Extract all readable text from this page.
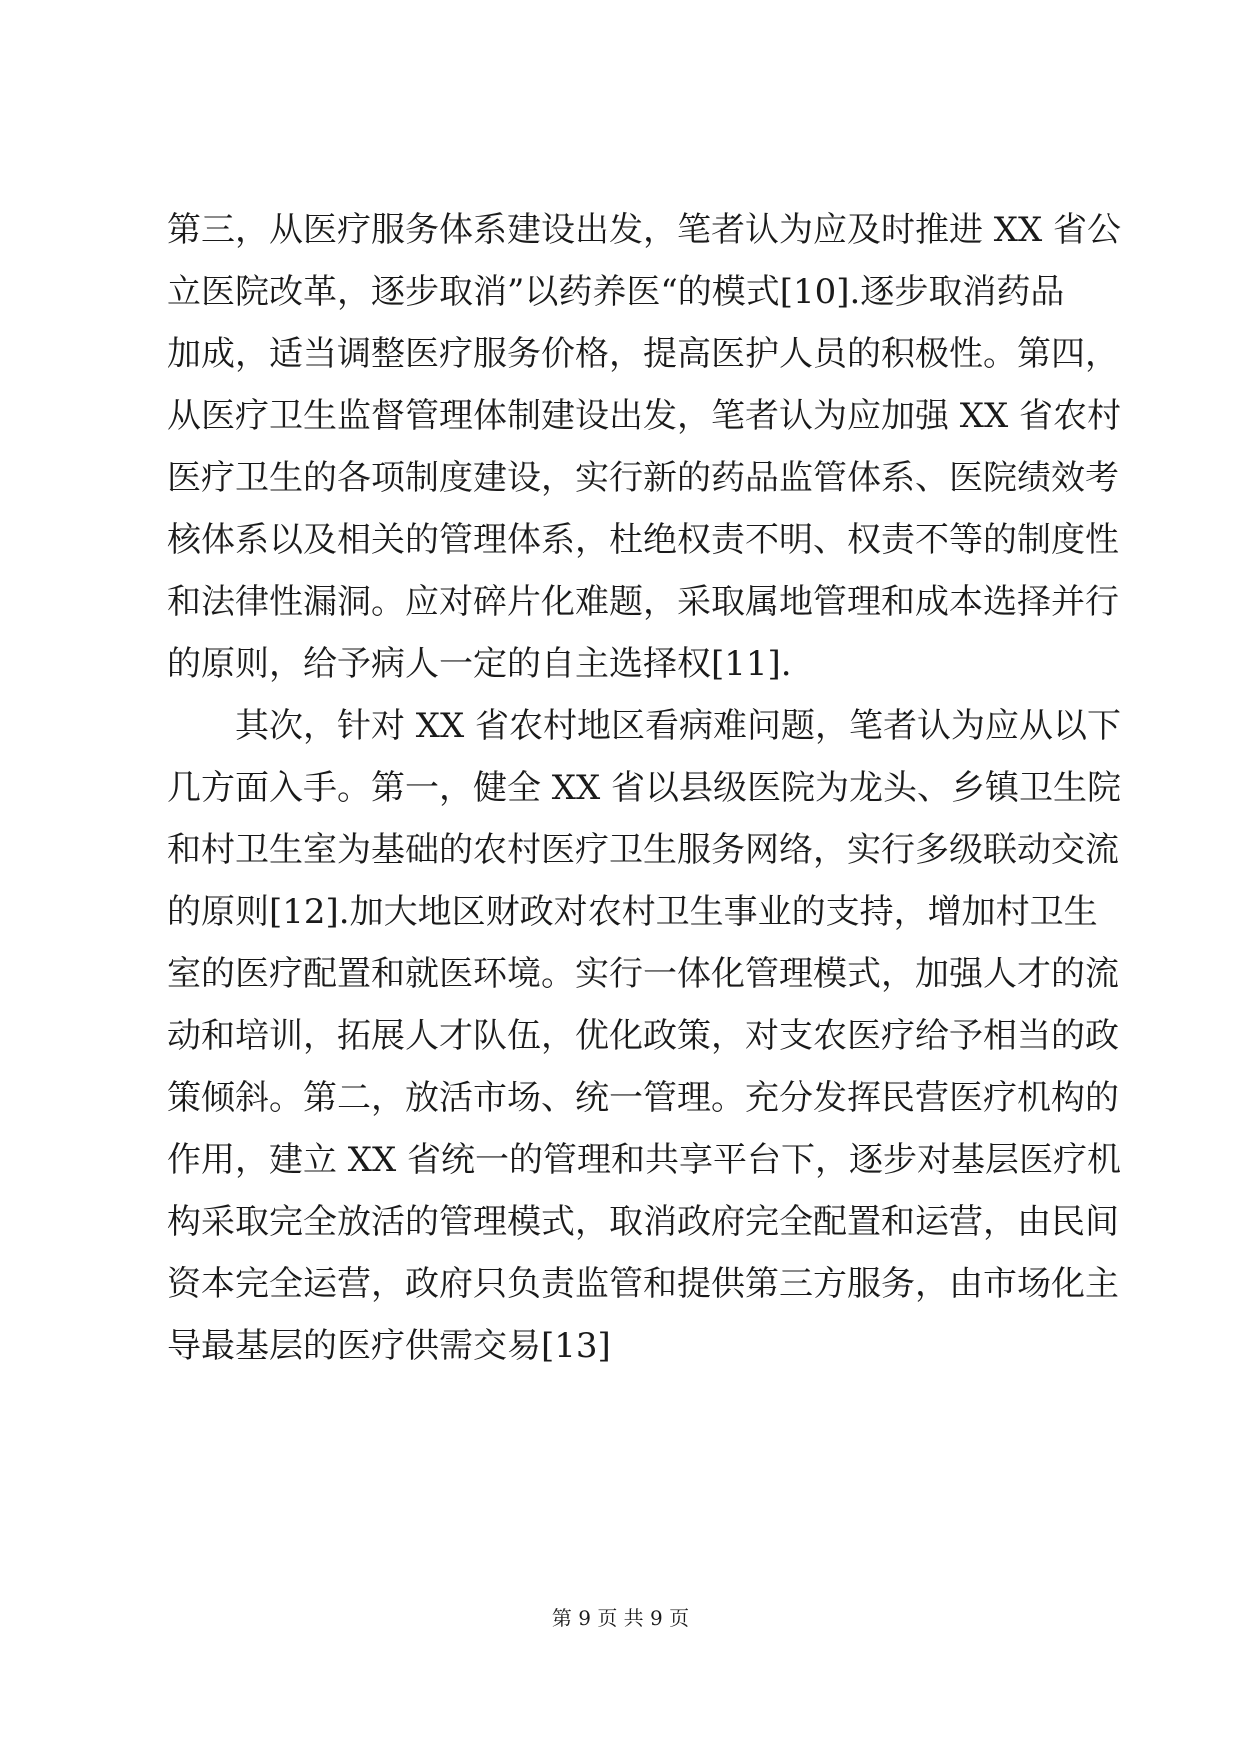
第三，从医疗服务体系建设出发，笔者认为应及时推进 XX 省公
立医院改革，逐步取消”以药养医“的模式[10].逐步取消药品
加成，适当调整医疗服务价格，提高医护人员的积极性。第四，
从医疗卫生监督管理体制建设出发，笔者认为应加强 XX 省农村
医疗卫生的各项制度建设，实行新的药品监管体系、医院绩效考
核体系以及相关的管理体系，杜绝权责不明、权责不等的制度性
和法律性漏洞。应对碎片化难题，采取属地管理和成本选择并行
的原则，给予病人一定的自主选择权[11].
其次，针对 XX 省农村地区看病难问题，笔者认为应从以下
几方面入手。第一，健全 XX 省以县级医院为龙头、乡镇卫生院
和村卫生室为基础的农村医疗卫生服务网络，实行多级联动交流
的原则[12].加大地区财政对农村卫生事业的支持，增加村卫生
室的医疗配置和就医环境。实行一体化管理模式，加强人才的流
动和培训，拓展人才队伍，优化政策，对支农医疗给予相当的政
策倾斜。第二，放活市场、统一管理。充分发挥民营医疗机构的
作用，建立 XX 省统一的管理和共享平台下，逐步对基层医疗机
构采取完全放活的管理模式，取消政府完全配置和运营，由民间
资本完全运营，政府只负责监管和提供第三方服务，由市场化主
导最基层的医疗供需交易[13]
第 9 页 共 9 页
